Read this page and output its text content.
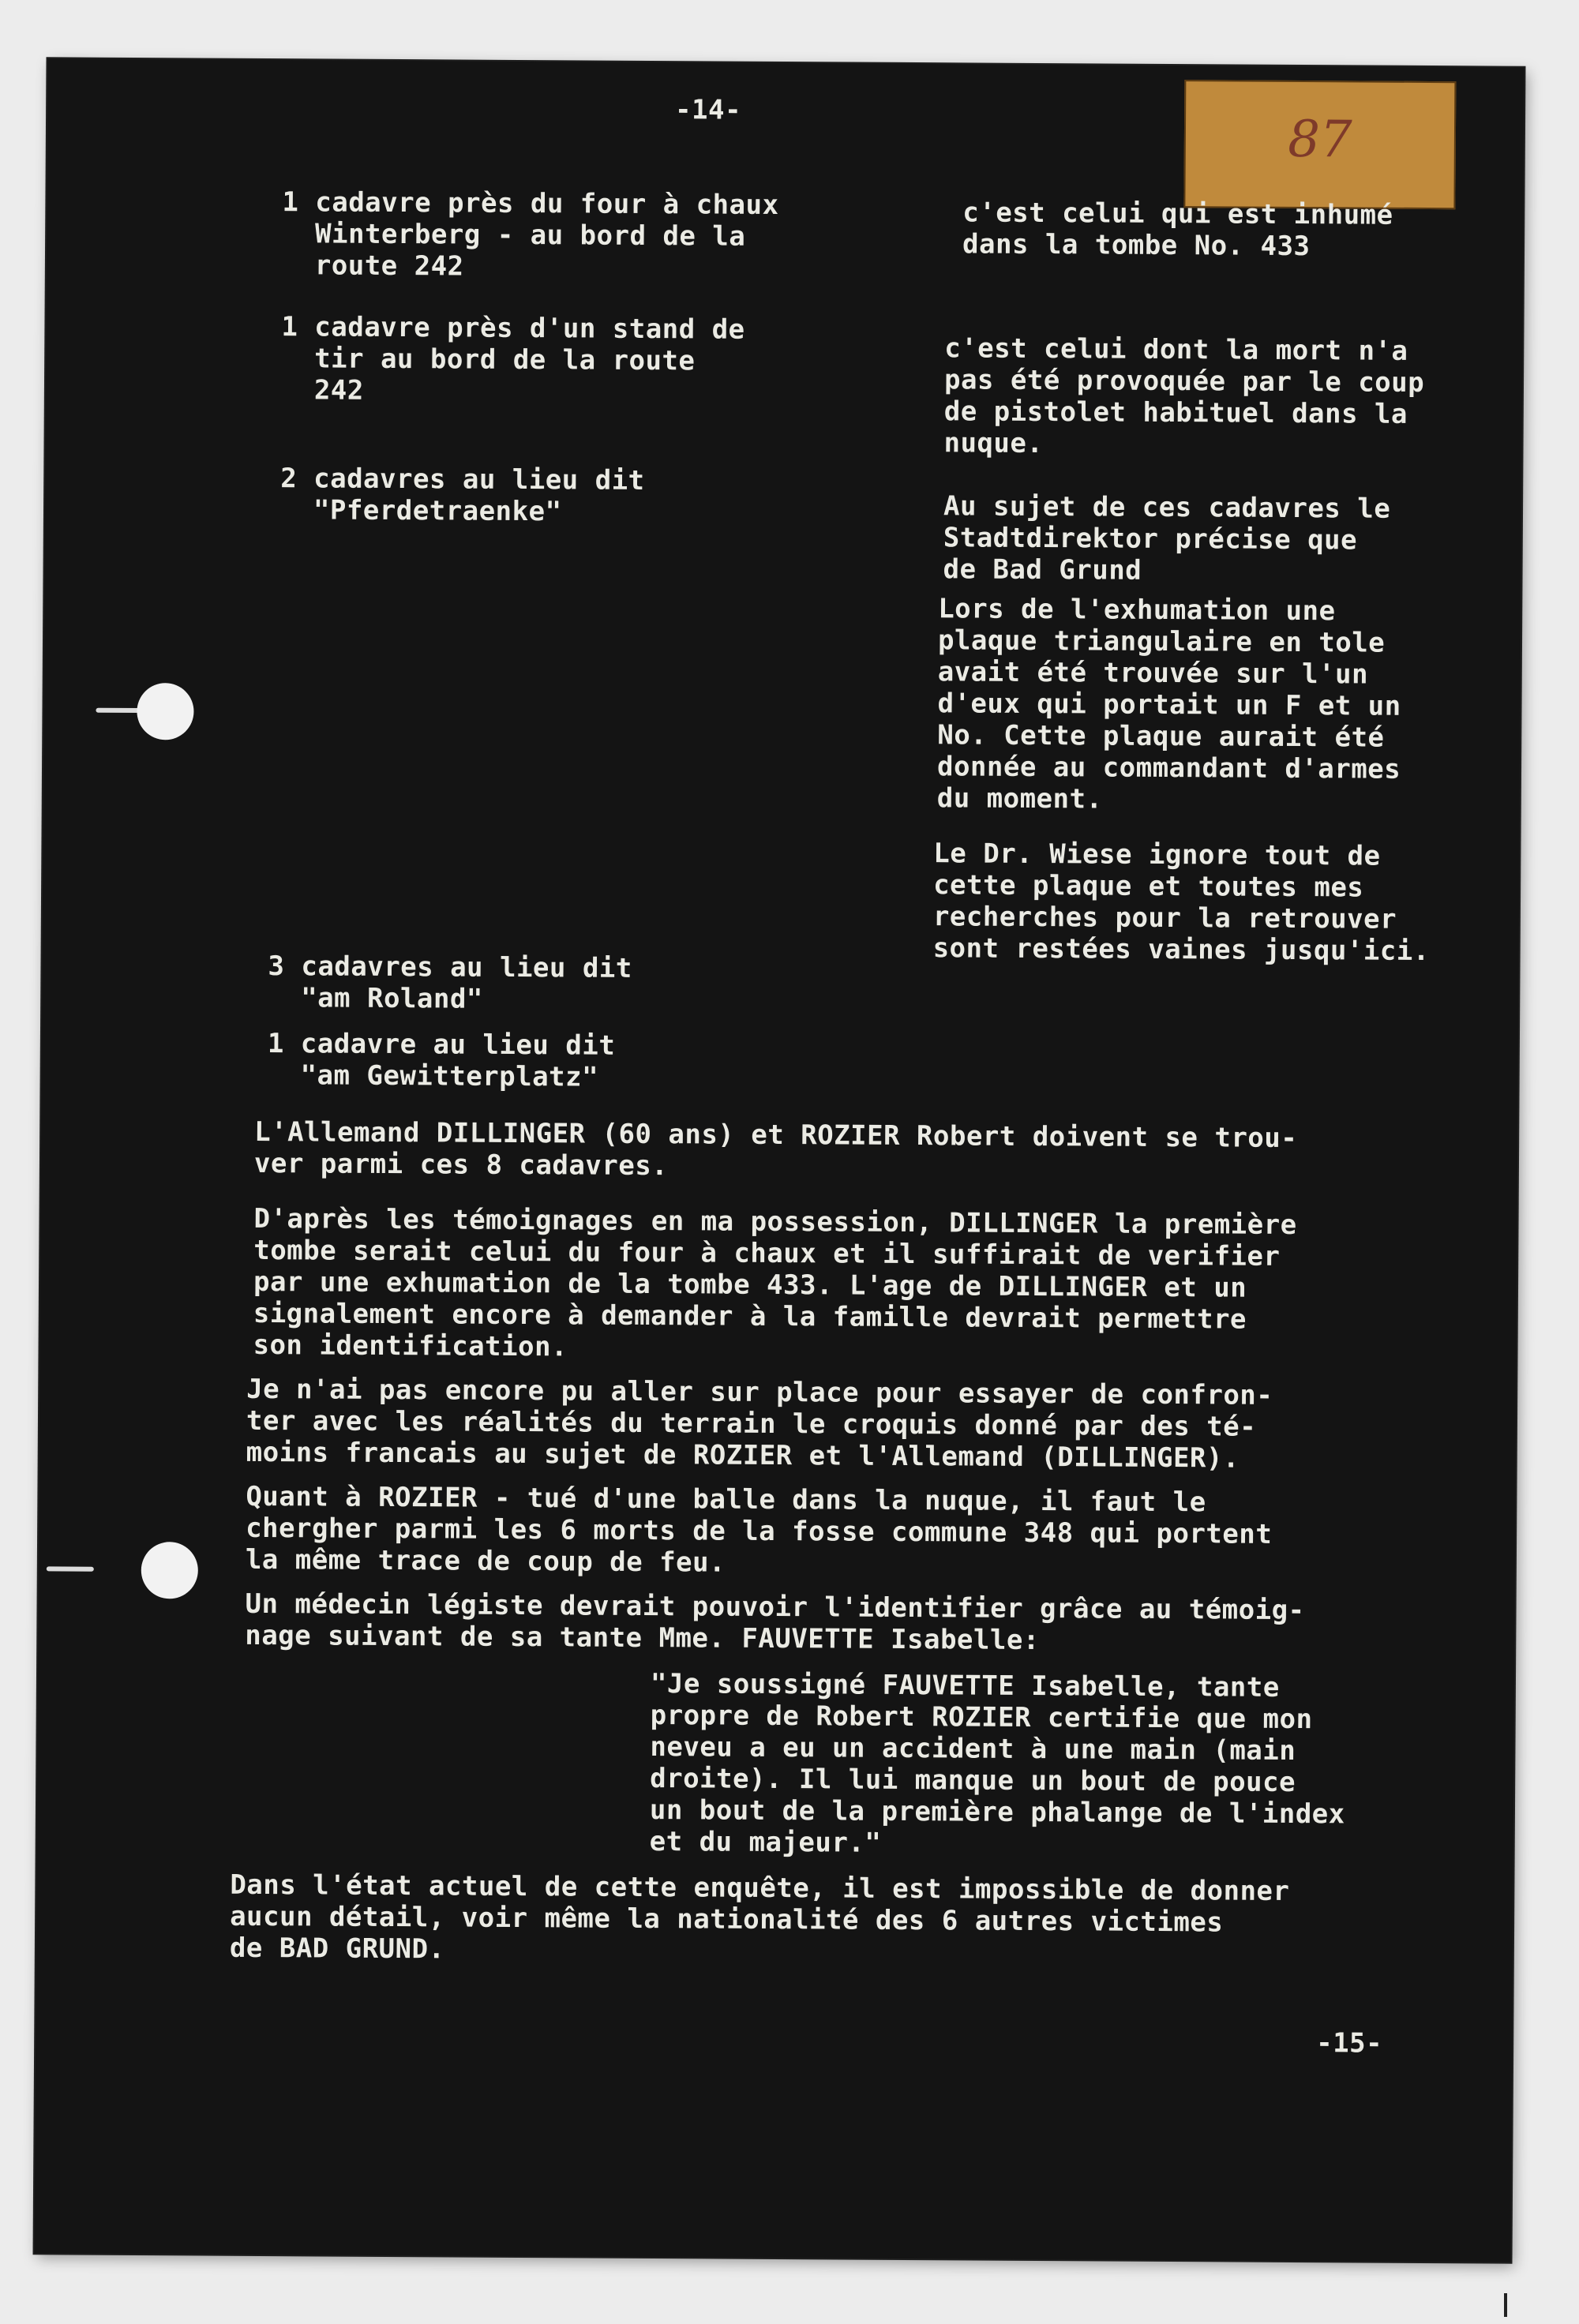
87

-14-

1 cadavre près du four à chaux
Winterberg - au bord de la
route 242

1 cadavre près d'un stand de
tir au bord de la route
242

2 cadavres au lieu dit
"Pferdetraenke"

3 cadavres au lieu dit
"am Roland"

1 cadavre au lieu dit
"am Gewitterplatz"

c'est celui qui est inhumé
dans la tombe No. 433

c'est celui dont la mort n'a
pas été provoquée par le coup
de pistolet habituel dans la
nuque.

Au sujet de ces cadavres le
Stadtdirektor précise que
de Bad Grund

Lors de l'exhumation une
plaque triangulaire en tole
avait été trouvée sur l'un
d'eux qui portait un F et un
No. Cette plaque aurait été
donnée au commandant d'armes
du moment.

Le Dr. Wiese ignore tout de
cette plaque et toutes mes
recherches pour la retrouver
sont restées vaines jusqu'ici.

L'Allemand DILLINGER (60 ans) et ROZIER Robert doivent se trou-
ver parmi ces 8 cadavres.

D'après les témoignages en ma possession, DILLINGER la première
tombe serait celui du four à chaux et il suffirait de verifier
par une exhumation de la tombe 433. L'age de DILLINGER et un
signalement encore à demander à la famille devrait permettre
son identification.

Je n'ai pas encore pu aller sur place pour essayer de confron-
ter avec les réalités du terrain le croquis donné par des té-
moins francais au sujet de ROZIER et l'Allemand (DILLINGER).

Quant à ROZIER - tué d'une balle dans la nuque, il faut le
chergher parmi les 6 morts de la fosse commune 348 qui portent
la même trace de coup de feu.

Un médecin légiste devrait pouvoir l'identifier grâce au témoig-
nage suivant de sa tante Mme. FAUVETTE Isabelle:

"Je soussigné FAUVETTE Isabelle, tante
propre de Robert ROZIER certifie que mon
neveu a eu un accident à une main (main
droite). Il lui manque un bout de pouce
un bout de la première phalange de l'index
et du majeur."

Dans l'état actuel de cette enquête, il est impossible de donner
aucun détail, voir même la nationalité des 6 autres victimes
de BAD GRUND.

-15-
